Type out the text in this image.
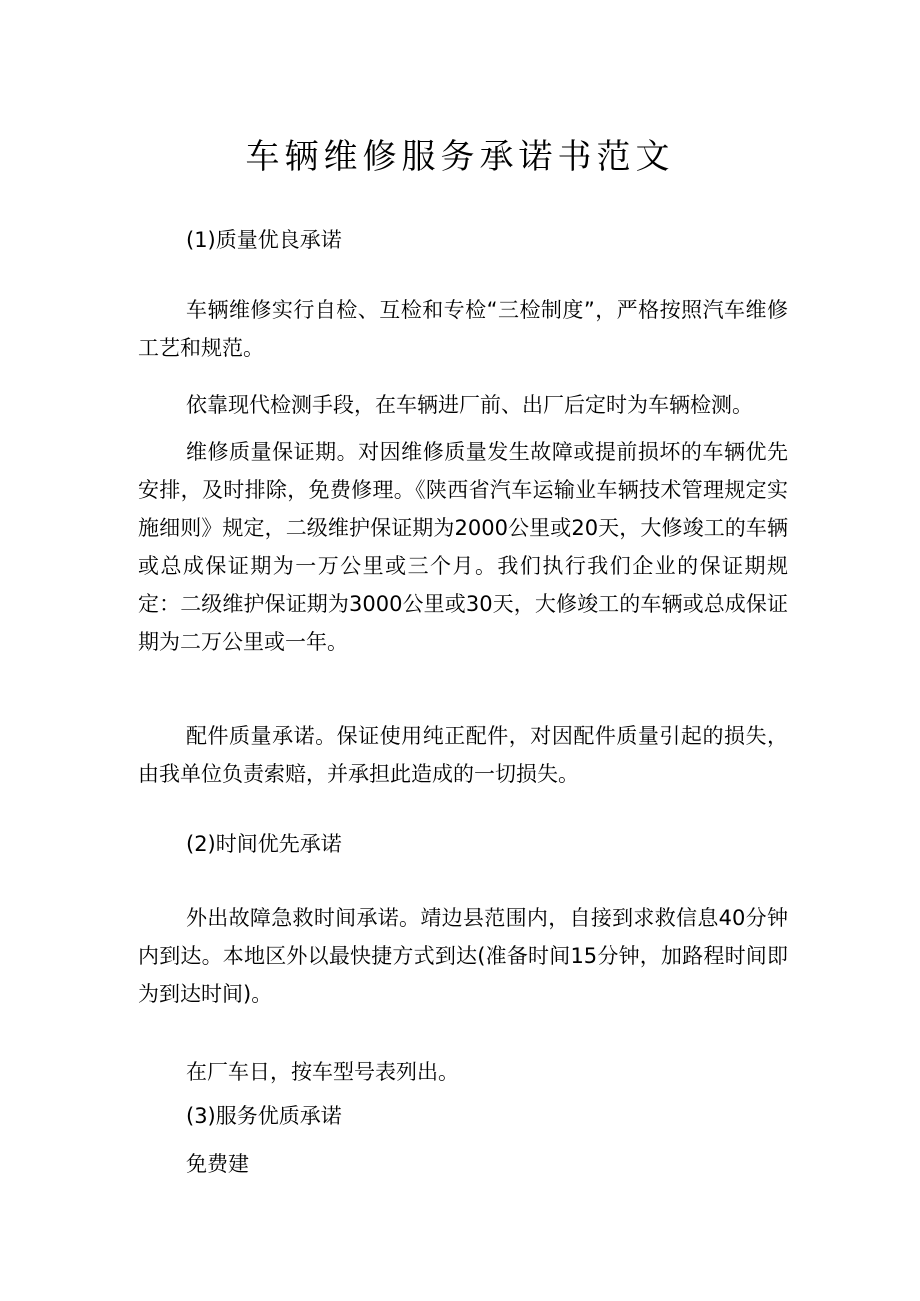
车辆维修服务承诺书范文

(1)质量优良承诺

车辆维修实行自检、互检和专检“三检制度”，严格按照汽车维修工艺和规范。

依靠现代检测手段，在车辆进厂前、出厂后定时为车辆检测。

维修质量保证期。对因维修质量发生故障或提前损坏的车辆优先安排，及时排除，免费修理。《陕西省汽车运输业车辆技术管理规定实施细则》规定，二级维护保证期为2000公里或20天，大修竣工的车辆或总成保证期为一万公里或三个月。我们执行我们企业的保证期规定：二级维护保证期为3000公里或30天，大修竣工的车辆或总成保证期为二万公里或一年。

配件质量承诺。保证使用纯正配件，对因配件质量引起的损失，由我单位负责索赔，并承担此造成的一切损失。

(2)时间优先承诺

外出故障急救时间承诺。靖边县范围内，自接到求救信息40分钟内到达。本地区外以最快捷方式到达(准备时间15分钟，加路程时间即为到达时间)。

在厂车日，按车型号表列出。

(3)服务优质承诺

免费建
